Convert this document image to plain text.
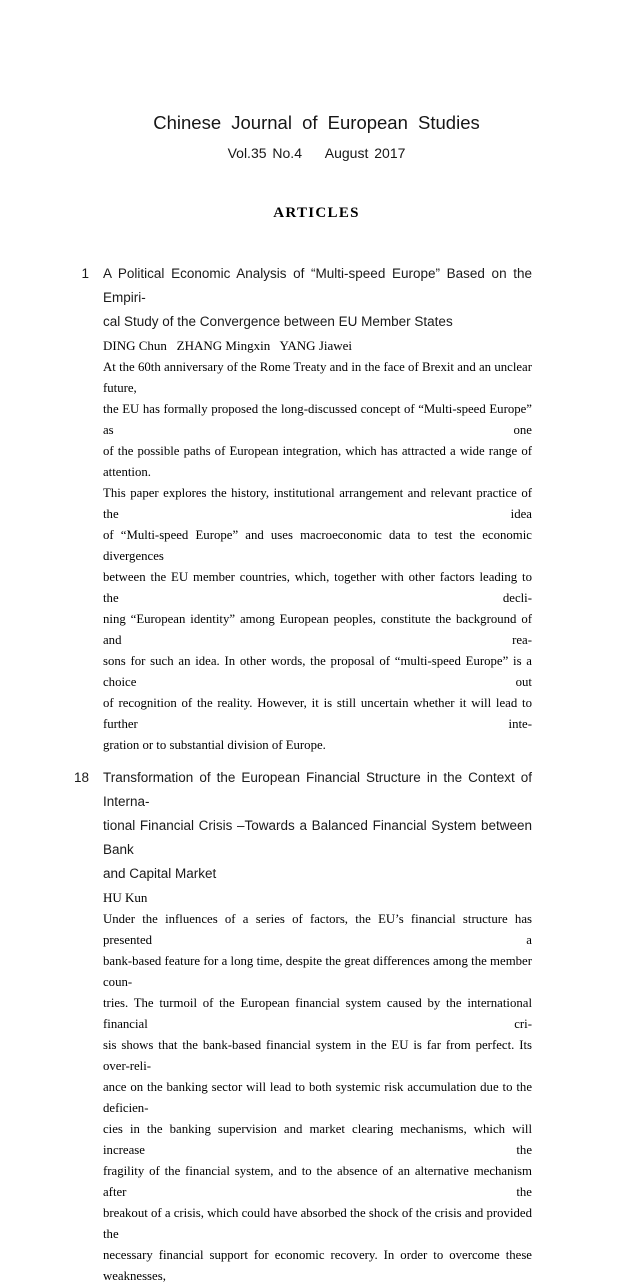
Chinese Journal of European Studies
Vol.35 No.4    August 2017
ARTICLES
1 A Political Economic Analysis of “Multi-speed Europe” Based on the Empiri-
cal Study of the Convergence between EU Member States
DING Chun   ZHANG Mingxin   YANG Jiawei
At the 60th anniversary of the Rome Treaty and in the face of Brexit and an unclear future,
the EU has formally proposed the long-discussed concept of “Multi-speed Europe” as one
of the possible paths of European integration, which has attracted a wide range of attention.
This paper explores the history, institutional arrangement and relevant practice of the idea
of “Multi-speed Europe” and uses macroeconomic data to test the economic divergences
between the EU member countries, which, together with other factors leading to the decli-
ning “European identity” among European peoples, constitute the background of and rea-
sons for such an idea. In other words, the proposal of “multi-speed Europe” is a choice out
of recognition of the reality. However, it is still uncertain whether it will lead to further inte-
gration or to substantial division of Europe.
18 Transformation of the European Financial Structure in the Context of Interna-
tional Financial Crisis –Towards a Balanced Financial System between Bank
and Capital Market
HU Kun
Under the influences of a series of factors, the EU’s financial structure has presented a
bank-based feature for a long time, despite the great differences among the member coun-
tries. The turmoil of the European financial system caused by the international financial cri-
sis shows that the bank-based financial system in the EU is far from perfect. Its over-reli-
ance on the banking sector will lead to both systemic risk accumulation due to the deficien-
cies in the banking supervision and market clearing mechanisms, which will increase the
fragility of the financial system, and to the absence of an alternative mechanism after the
breakout of a crisis, which could have absorbed the shock of the crisis and provided the
necessary financial support for economic recovery. In order to overcome these weaknesses,
